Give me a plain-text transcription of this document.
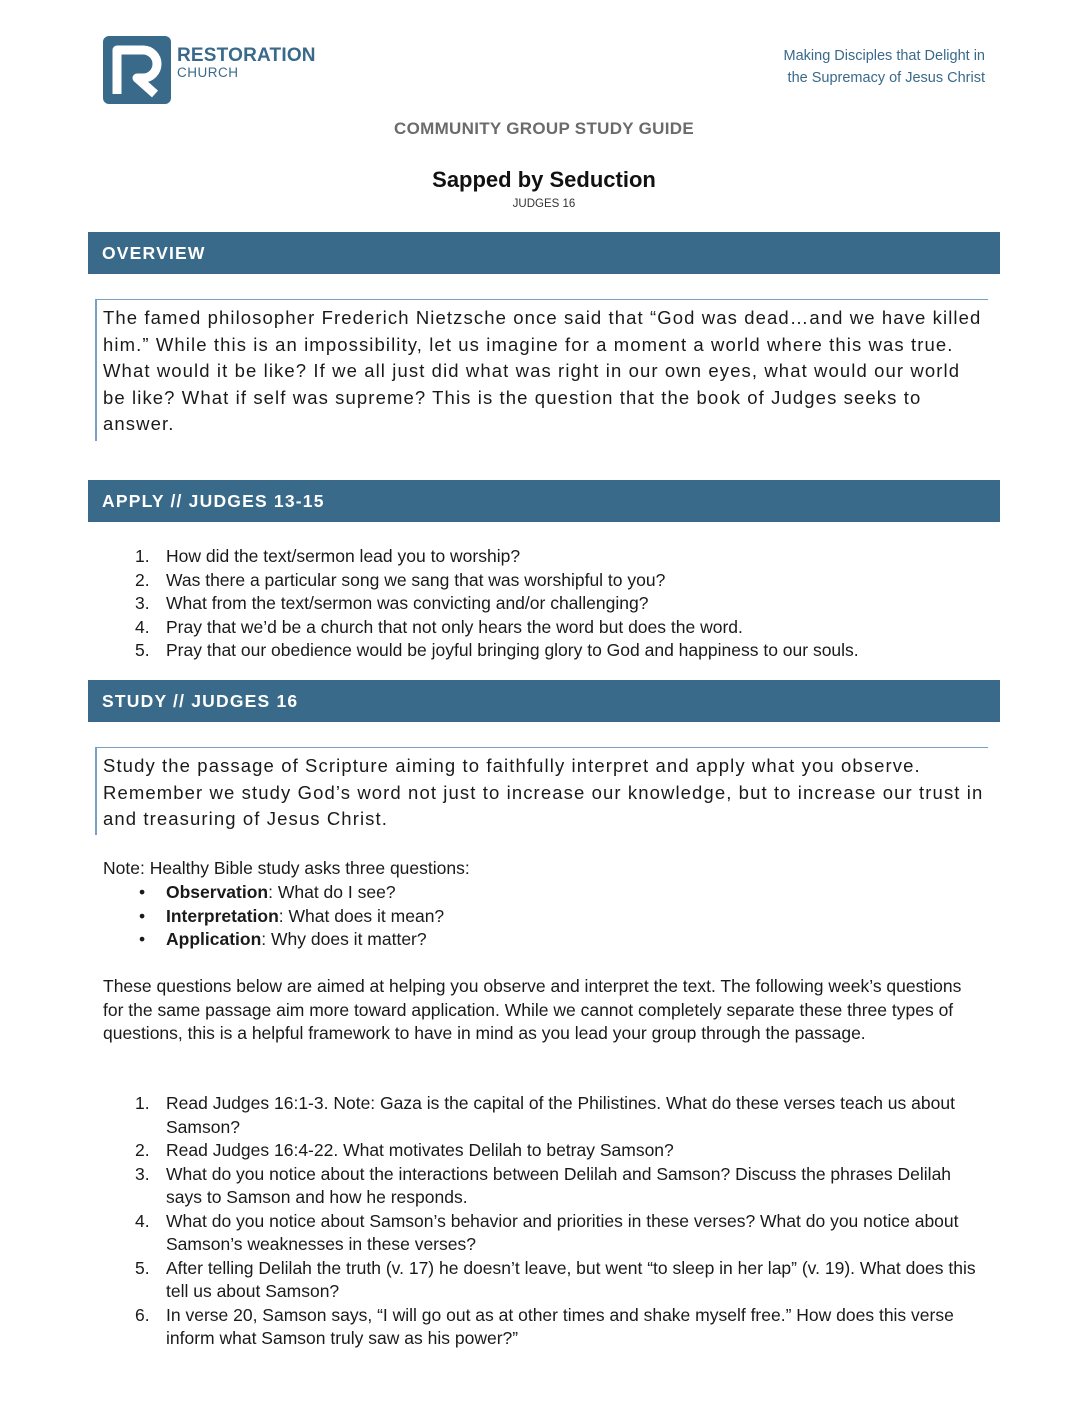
RESTORATION
CHURCH
Making Disciples that Delight in
the Supremacy of Jesus Christ
COMMUNITY GROUP STUDY GUIDE
Sapped by Seduction
JUDGES 16
OVERVIEW
The famed philosopher Frederich Nietzsche once said that “God was dead…and we have killed him.” While this is an impossibility, let us imagine for a moment a world where this was true. What would it be like? If we all just did what was right in our own eyes, what would our world be like? What if self was supreme? This is the question that the book of Judges seeks to answer.
APPLY // JUDGES 13-15
1. How did the text/sermon lead you to worship?
2. Was there a particular song we sang that was worshipful to you?
3. What from the text/sermon was convicting and/or challenging?
4. Pray that we’d be a church that not only hears the word but does the word.
5. Pray that our obedience would be joyful bringing glory to God and happiness to our souls.
STUDY // JUDGES 16
Study the passage of Scripture aiming to faithfully interpret and apply what you observe. Remember we study God’s word not just to increase our knowledge, but to increase our trust in and treasuring of Jesus Christ.
Note: Healthy Bible study asks three questions:
• Observation: What do I see?
• Interpretation: What does it mean?
• Application: Why does it matter?
These questions below are aimed at helping you observe and interpret the text. The following week’s questions for the same passage aim more toward application. While we cannot completely separate these three types of questions, this is a helpful framework to have in mind as you lead your group through the passage.
1. Read Judges 16:1-3. Note: Gaza is the capital of the Philistines. What do these verses teach us about Samson?
2. Read Judges 16:4-22. What motivates Delilah to betray Samson?
3. What do you notice about the interactions between Delilah and Samson? Discuss the phrases Delilah says to Samson and how he responds.
4. What do you notice about Samson’s behavior and priorities in these verses? What do you notice about Samson’s weaknesses in these verses?
5. After telling Delilah the truth (v. 17) he doesn’t leave, but went “to sleep in her lap” (v. 19). What does this tell us about Samson?
6. In verse 20, Samson says, “I will go out as at other times and shake myself free.” How does this verse inform what Samson truly saw as his power?”
